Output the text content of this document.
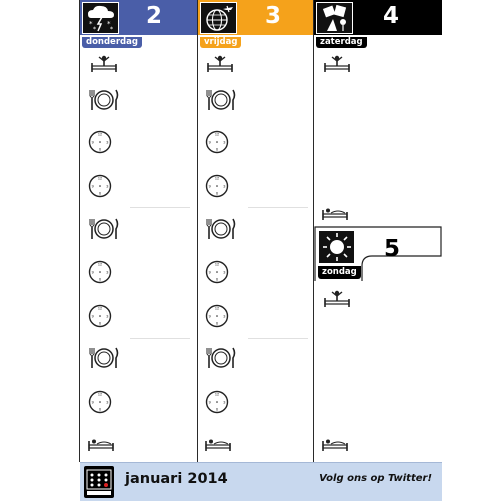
* *
* *
2
donderdag
3
vrijdag
4
zaterdag
zondag
5
januari 2014	Volg ons op Twitter!
